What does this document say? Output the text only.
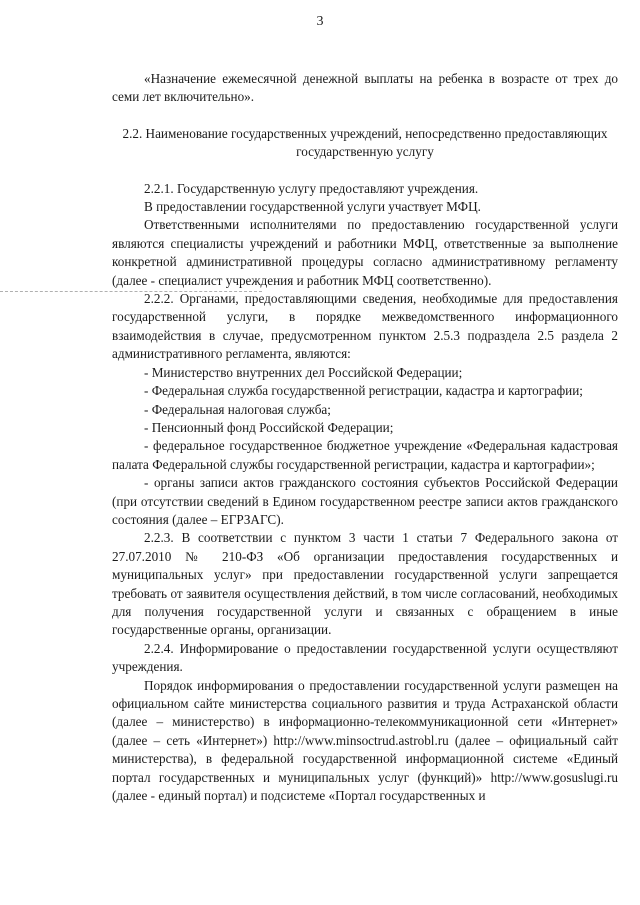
3

«Назначение ежемесячной денежной выплаты на ребенка в возрасте от трех до семи лет включительно».

2.2. Наименование государственных учреждений, непосредственно предоставляющих государственную услугу

2.2.1. Государственную услугу предоставляют учреждения.

В предоставлении государственной услуги участвует МФЦ.

Ответственными исполнителями по предоставлению государственной услуги являются специалисты учреждений и работники МФЦ, ответственные за выполнение конкретной административной процедуры согласно административному регламенту (далее - специалист учреждения и работник МФЦ соответственно).

2.2.2. Органами, предоставляющими сведения, необходимые для предоставления государственной услуги, в порядке межведомственного информационного взаимодействия в случае, предусмотренном пунктом 2.5.3 подраздела 2.5 раздела 2 административного регламента, являются:

- Министерство внутренних дел Российской Федерации;

- Федеральная служба государственной регистрации, кадастра и картографии;

- Федеральная налоговая служба;

- Пенсионный фонд Российской Федерации;

- федеральное государственное бюджетное учреждение «Федеральная кадастровая палата Федеральной службы государственной регистрации, кадастра и картографии»;

- органы записи актов гражданского состояния субъектов Российской Федерации (при отсутствии сведений в Едином государственном реестре записи актов гражданского состояния (далее – ЕГРЗАГС).

2.2.3. В соответствии с пунктом 3 части 1 статьи 7 Федерального закона от 27.07.2010 № 210-ФЗ «Об организации предоставления государственных и муниципальных услуг» при предоставлении государственной услуги запрещается требовать от заявителя осуществления действий, в том числе согласований, необходимых для получения государственной услуги и связанных с обращением в иные государственные органы, организации.

2.2.4. Информирование о предоставлении государственной услуги осуществляют учреждения.

Порядок информирования о предоставлении государственной услуги размещен на официальном сайте министерства социального развития и труда Астраханской области (далее – министерство) в информационно-телекоммуникационной сети «Интернет» (далее – сеть «Интернет») http://www.minsoctrud.astrobl.ru (далее – официальный сайт министерства), в федеральной государственной информационной системе «Единый портал государственных и муниципальных услуг (функций)» http://www.gosuslugi.ru (далее - единый портал) и подсистеме «Портал государственных и
